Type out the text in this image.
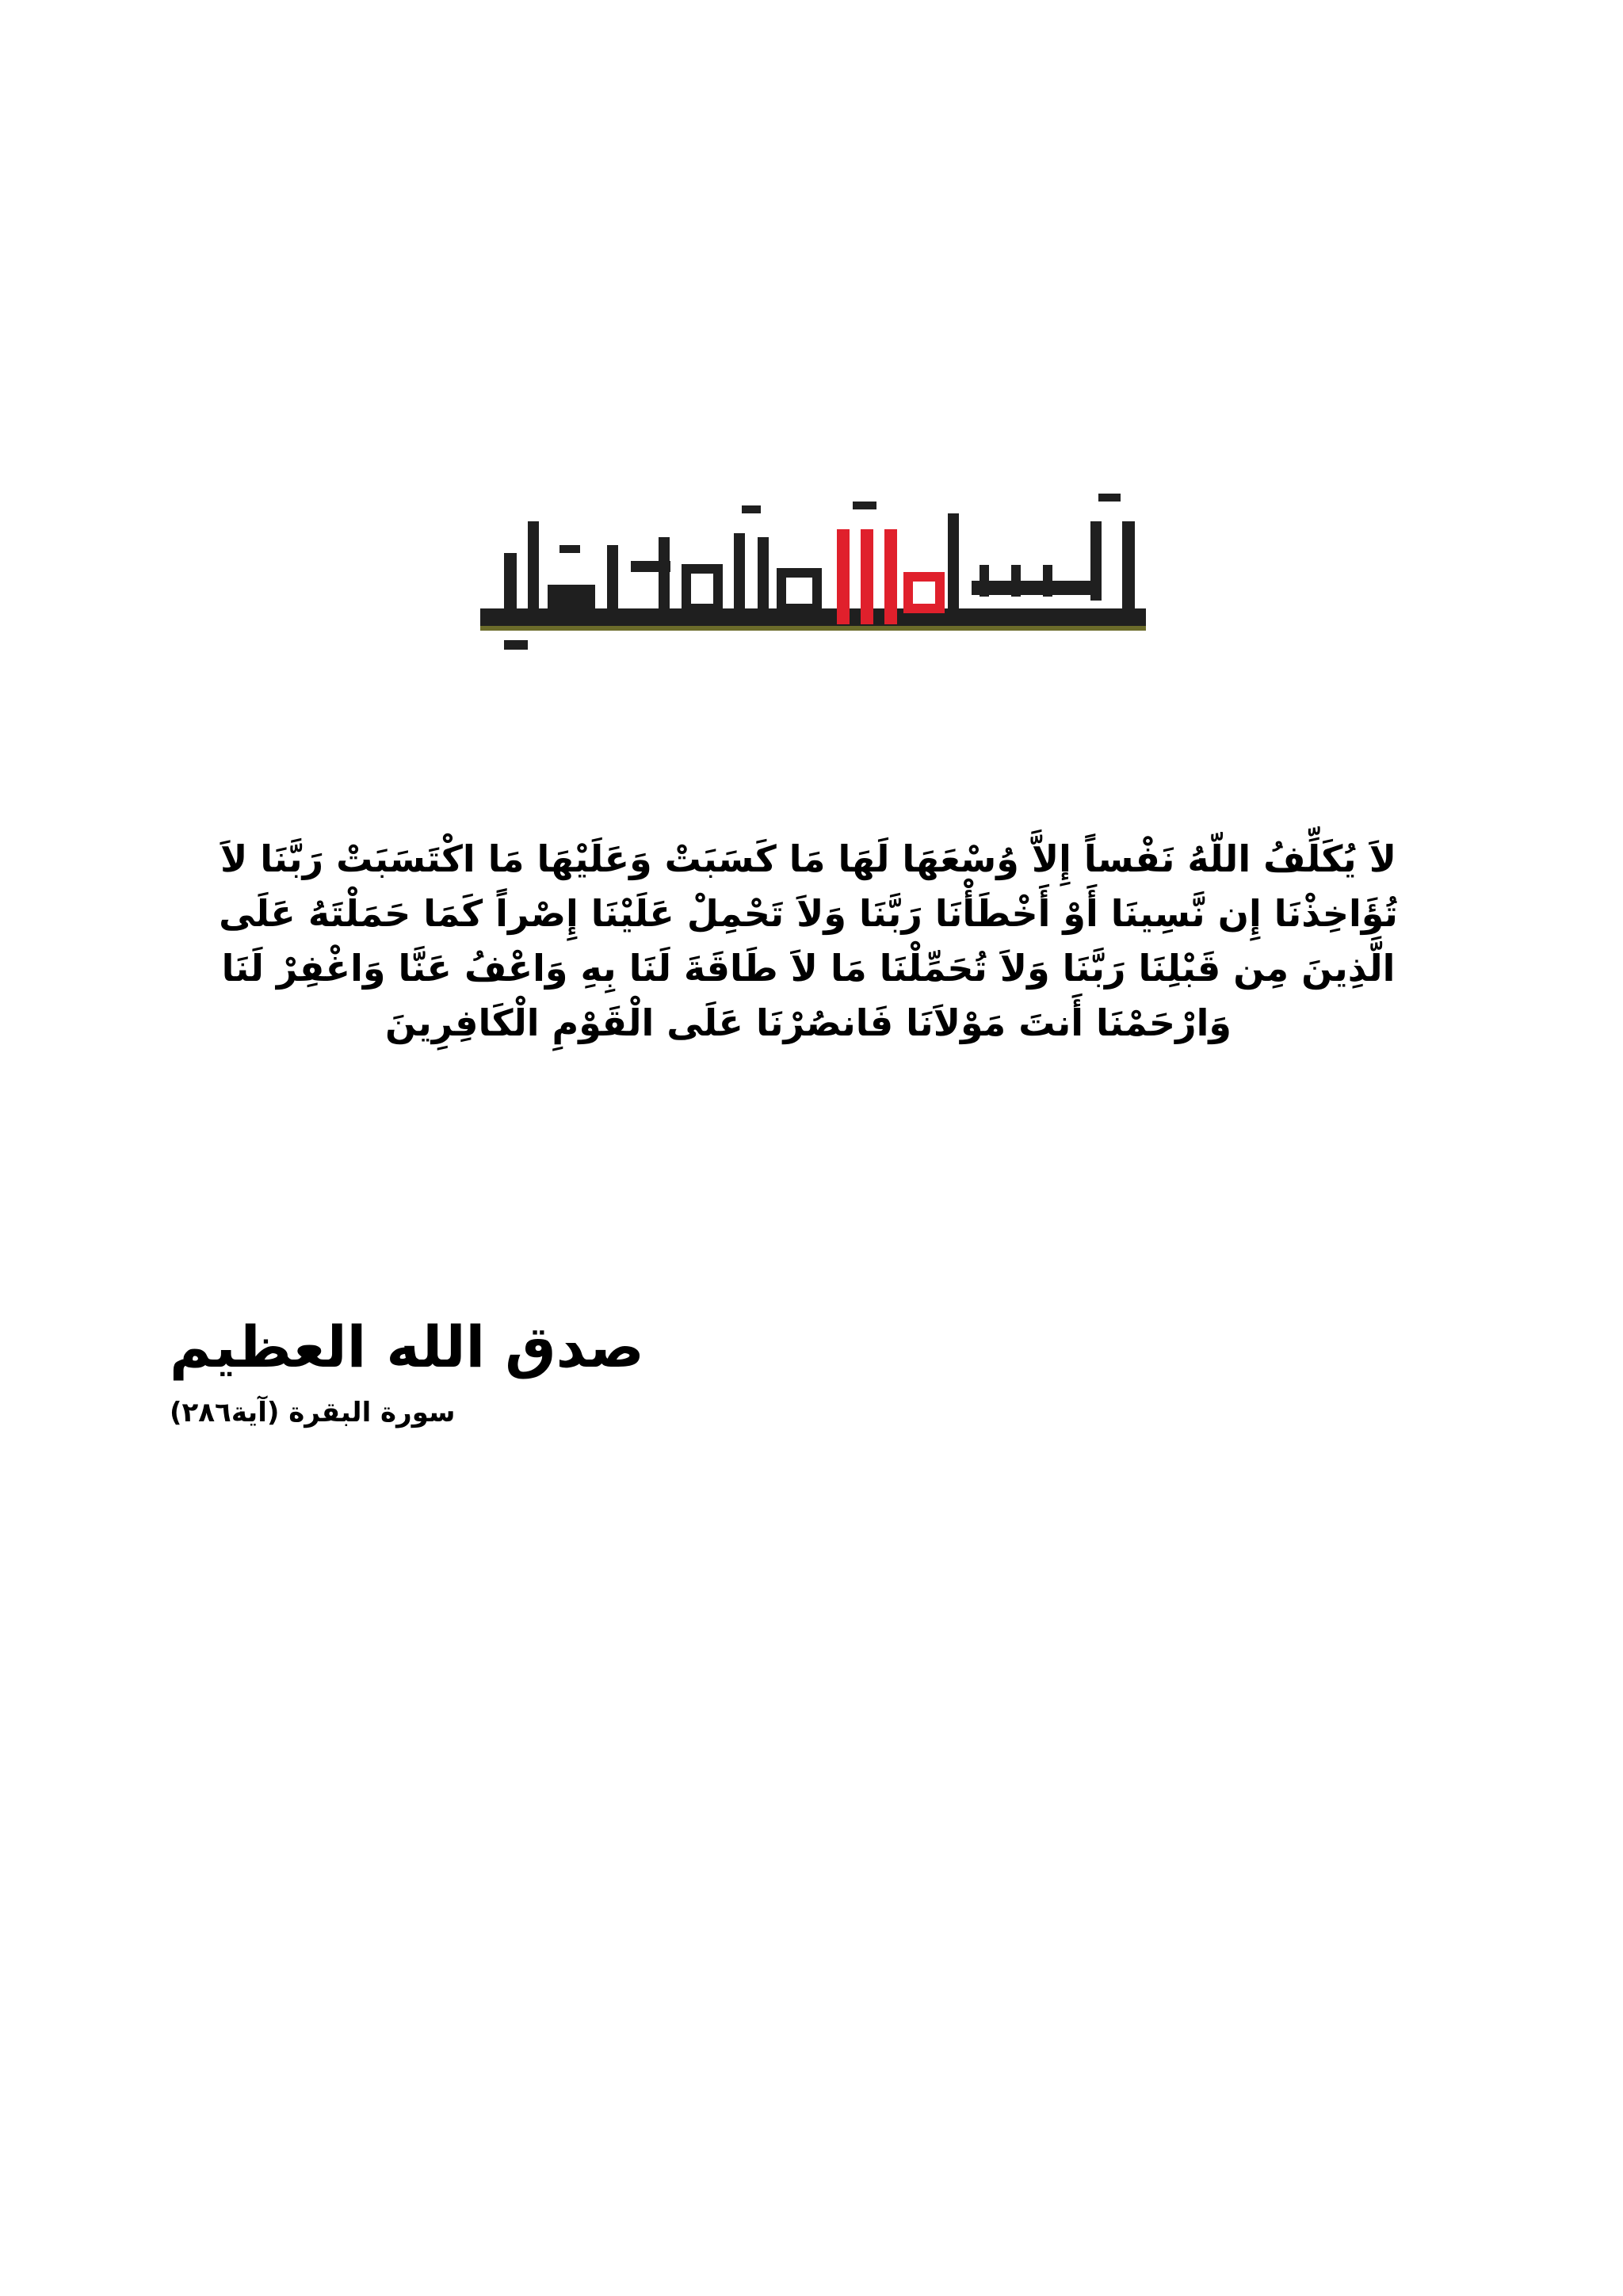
لاَ يُكَلِّفُ اللّهُ نَفْساً إِلاَّ وُسْعَهَا لَهَا مَا كَسَبَتْ وَعَلَيْهَا مَا اكْتَسَبَتْ رَبَّنَا لاَ
تُؤَاخِذْنَا إِن نَّسِينَا أَوْ أَخْطَأْنَا رَبَّنَا وَلاَ تَحْمِلْ عَلَيْنَا إِصْراً كَمَا حَمَلْتَهُ عَلَى
الَّذِينَ مِن قَبْلِنَا رَبَّنَا وَلاَ تُحَمِّلْنَا مَا لاَ طَاقَةَ لَنَا بِهِ وَاعْفُ عَنَّا وَاغْفِرْ لَنَا
وَارْحَمْنَا أَنتَ مَوْلاَنَا فَانصُرْنَا عَلَى الْقَوْمِ الْكَافِرِينَ
صدق الله العظيم
سورة البقرة (آية٢٨٦)
